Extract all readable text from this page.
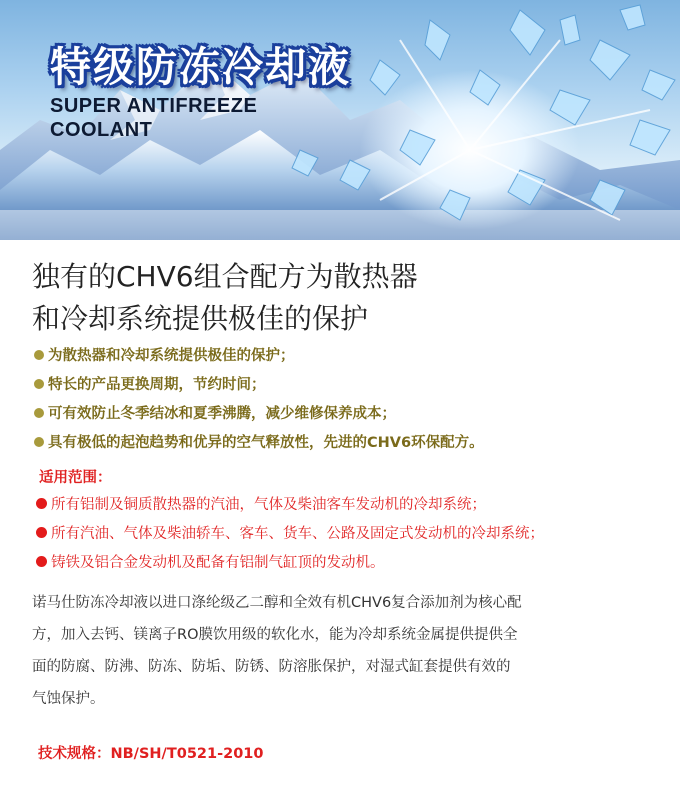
特级防冻冷却液
SUPER ANTIFREEZE
COOLANT
独有的CHV6组合配方为散热器
和冷却系统提供极佳的保护
为散热器和冷却系统提供极佳的保护；
特长的产品更换周期，节约时间；
可有效防止冬季结冰和夏季沸腾，减少维修保养成本；
具有极低的起泡趋势和优异的空气释放性，先进的CHV6环保配方。
适用范围：
所有铝制及铜质散热器的汽油，气体及柴油客车发动机的冷却系统；
所有汽油、气体及柴油轿车、客车、货车、公路及固定式发动机的冷却系统；
铸铁及铝合金发动机及配备有铝制气缸顶的发动机。
诺马仕防冻冷却液以进口涤纶级乙二醇和全效有机CHV6复合添加剂为核心配
方，加入去钙、镁离子RO膜饮用级的软化水，能为冷却系统金属提供提供全
面的防腐、防沸、防冻、防垢、防锈、防溶胀保护，对湿式缸套提供有效的
气蚀保护。
技术规格：NB/SH/T0521-2010
